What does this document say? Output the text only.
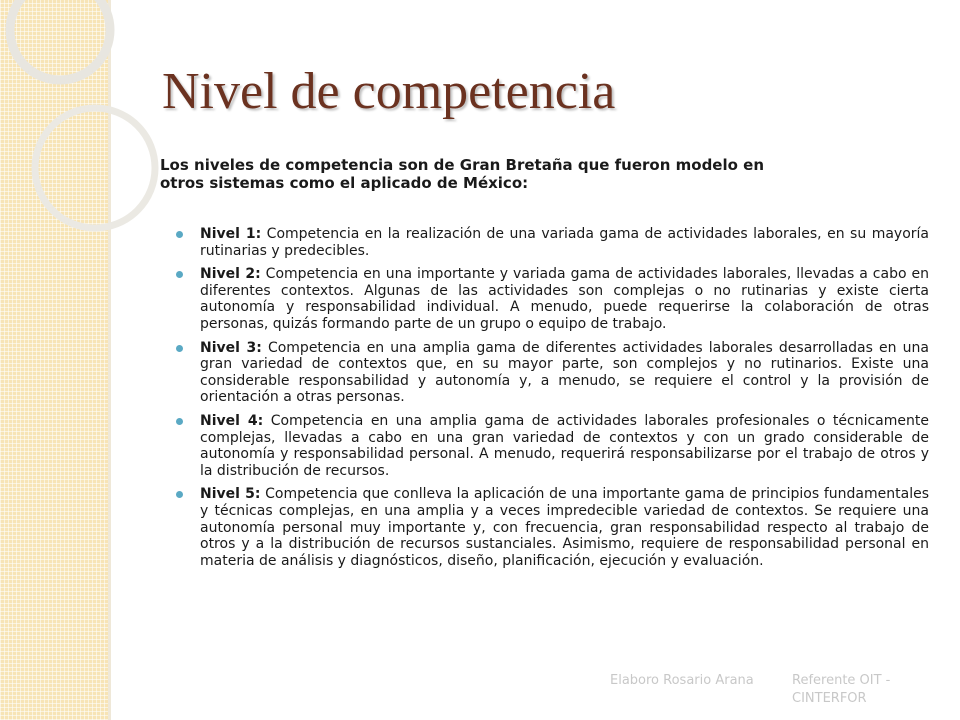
Nivel de competencia

Los niveles de competencia son de Gran Bretaña que fueron modelo en otros sistemas como el aplicado de México:

Nivel 1: Competencia en la realización de una variada gama de actividades laborales, en su mayoría rutinarias y predecibles.
Nivel 2: Competencia en una importante y variada gama de actividades laborales, llevadas a cabo en diferentes contextos. Algunas de las actividades son complejas o no rutinarias y existe cierta autonomía y responsabilidad individual. A menudo, puede requerirse la colaboración de otras personas, quizás formando parte de un grupo o equipo de trabajo.
Nivel 3: Competencia en una amplia gama de diferentes actividades laborales desarrolladas en una gran variedad de contextos que, en su mayor parte, son complejos y no rutinarios. Existe una considerable responsabilidad y autonomía y, a menudo, se requiere el control y la provisión de orientación a otras personas.
Nivel 4: Competencia en una amplia gama de actividades laborales profesionales o técnicamente complejas, llevadas a cabo en una gran variedad de contextos y con un grado considerable de autonomía y responsabilidad personal. A menudo, requerirá responsabilizarse por el trabajo de otros y la distribución de recursos.
Nivel 5: Competencia que conlleva la aplicación de una importante gama de principios fundamentales y técnicas complejas, en una amplia y a veces impredecible variedad de contextos. Se requiere una autonomía personal muy importante y, con frecuencia, gran responsabilidad respecto al trabajo de otros y a la distribución de recursos sustanciales. Asimismo, requiere de responsabilidad personal en materia de análisis y diagnósticos, diseño, planificación, ejecución y evaluación.
Elaboro Rosario Arana	Referente OIT - CINTERFOR
